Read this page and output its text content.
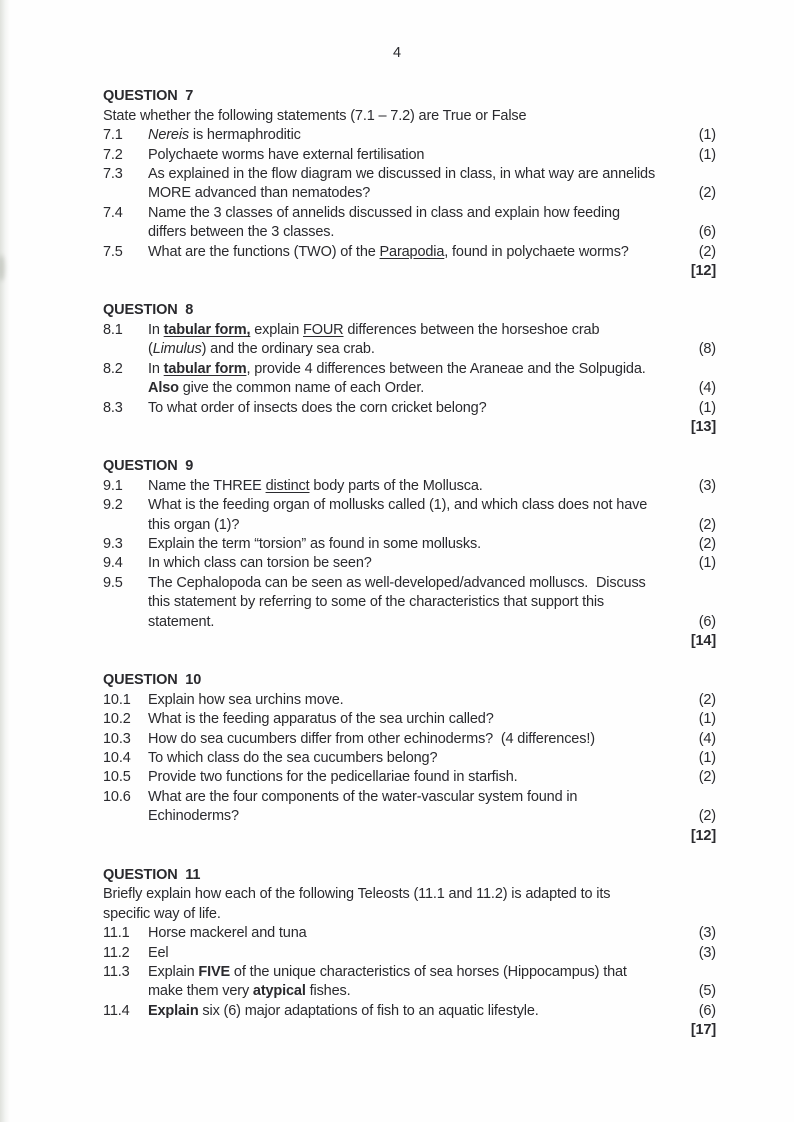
4
QUESTION  7
State whether the following statements (7.1 – 7.2) are True or False
7.1	Nereis is hermaphroditic	(1)
7.2	Polychaete worms have external fertilisation	(1)
7.3	As explained in the flow diagram we discussed in class, in what way are annelids
MORE advanced than nematodes?	(2)
7.4	Name the 3 classes of annelids discussed in class and explain how feeding
differs between the 3 classes.	(6)
7.5	What are the functions (TWO) of the Parapodia, found in polychaete worms?	(2)
[12]
QUESTION  8
8.1	In tabular form, explain FOUR differences between the horseshoe crab
(Limulus) and the ordinary sea crab.	(8)
8.2	In tabular form, provide 4 differences between the Araneae and the Solpugida.
Also give the common name of each Order.	(4)
8.3	To what order of insects does the corn cricket belong?	(1)
[13]
QUESTION  9
9.1	Name the THREE distinct body parts of the Mollusca.	(3)
9.2	What is the feeding organ of mollusks called (1), and which class does not have
this organ (1)?	(2)
9.3	Explain the term “torsion” as found in some mollusks.	(2)
9.4	In which class can torsion be seen?	(1)
9.5	The Cephalopoda can be seen as well-developed/advanced molluscs.  Discuss
this statement by referring to some of the characteristics that support this
statement.	(6)
[14]
QUESTION  10
10.1	Explain how sea urchins move.	(2)
10.2	What is the feeding apparatus of the sea urchin called?	(1)
10.3	How do sea cucumbers differ from other echinoderms?  (4 differences!)	(4)
10.4	To which class do the sea cucumbers belong?	(1)
10.5	Provide two functions for the pedicellariae found in starfish.	(2)
10.6	What are the four components of the water-vascular system found in
Echinoderms?	(2)
[12]
QUESTION  11
Briefly explain how each of the following Teleosts (11.1 and 11.2) is adapted to its
specific way of life.
11.1	Horse mackerel and tuna	(3)
11.2	Eel	(3)
11.3	Explain FIVE of the unique characteristics of sea horses (Hippocampus) that
make them very atypical fishes.	(5)
11.4	Explain six (6) major adaptations of fish to an aquatic lifestyle.	(6)
[17]
